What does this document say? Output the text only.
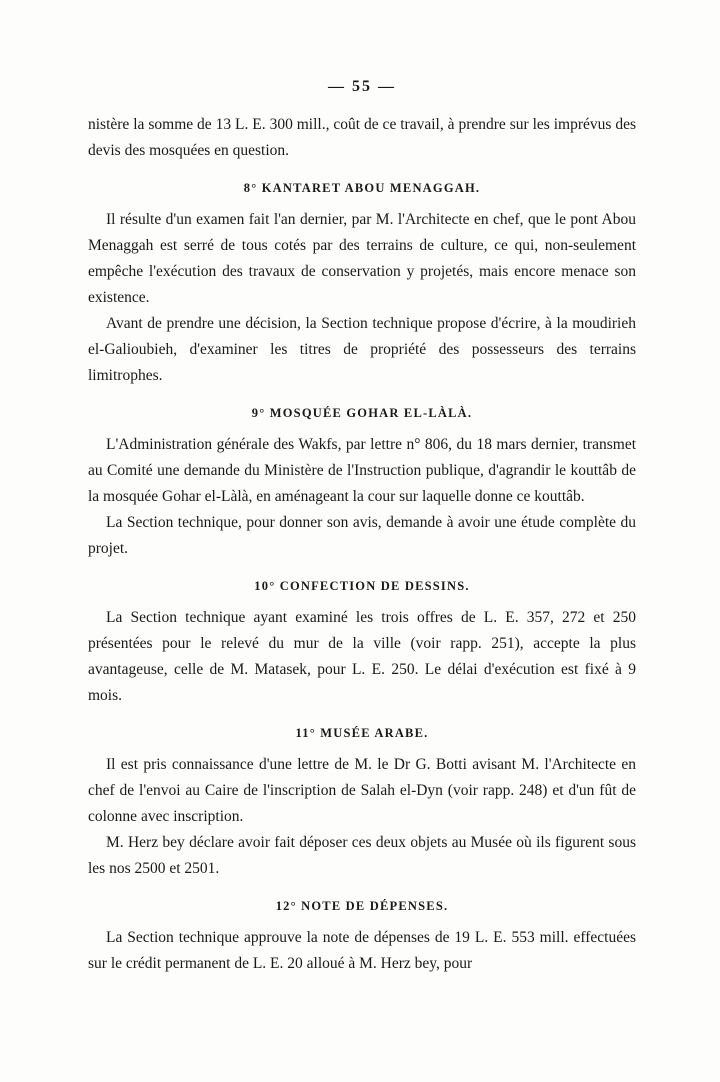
— 55 —

nistère la somme de 13 L. E. 300 mill., coût de ce travail, à prendre sur les imprévus des devis des mosquées en question.

8° KANTARET ABOU MENAGGAH.

Il résulte d'un examen fait l'an dernier, par M. l'Architecte en chef, que le pont Abou Menaggah est serré de tous cotés par des terrains de culture, ce qui, non-seulement empêche l'exécution des travaux de conservation y projetés, mais encore menace son existence.

Avant de prendre une décision, la Section technique propose d'écrire, à la moudirieh el-Galioubieh, d'examiner les titres de propriété des possesseurs des terrains limitrophes.

9° MOSQUÉE GOHAR EL-LÀLÀ.

L'Administration générale des Wakfs, par lettre n° 806, du 18 mars dernier, transmet au Comité une demande du Ministère de l'Instruction publique, d'agrandir le kouttâb de la mosquée Gohar el-Làlà, en aménageant la cour sur laquelle donne ce kouttâb.

La Section technique, pour donner son avis, demande à avoir une étude complète du projet.

10° CONFECTION DE DESSINS.

La Section technique ayant examiné les trois offres de L. E. 357, 272 et 250 présentées pour le relevé du mur de la ville (voir rapp. 251), accepte la plus avantageuse, celle de M. Matasek, pour L. E. 250. Le délai d'exécution est fixé à 9 mois.

11° MUSÉE ARABE.

Il est pris connaissance d'une lettre de M. le Dr G. Botti avisant M. l'Architecte en chef de l'envoi au Caire de l'inscription de Salah el-Dyn (voir rapp. 248) et d'un fût de colonne avec inscription.

M. Herz bey déclare avoir fait déposer ces deux objets au Musée où ils figurent sous les nos 2500 et 2501.

12° NOTE DE DÉPENSES.

La Section technique approuve la note de dépenses de 19 L. E. 553 mill. effectuées sur le crédit permanent de L. E. 20 alloué à M. Herz bey, pour
